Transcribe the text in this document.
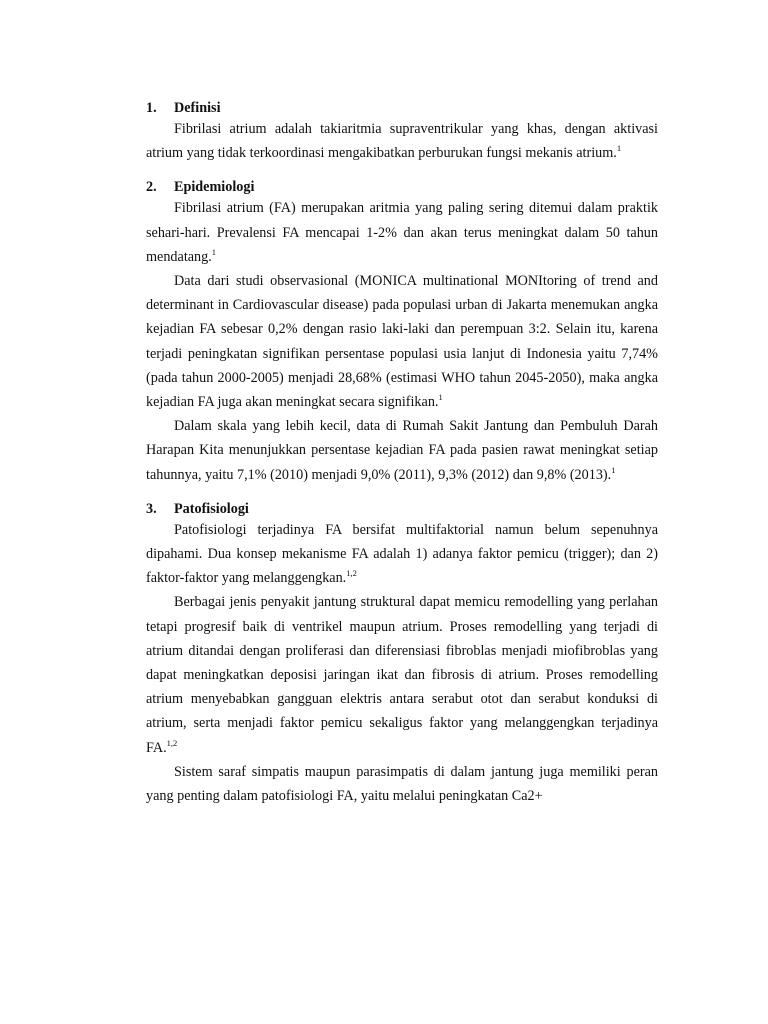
1. Definisi

Fibrilasi atrium adalah takiaritmia supraventrikular yang khas, dengan aktivasi atrium yang tidak terkoordinasi mengakibatkan perburukan fungsi mekanis atrium.$^1$

2. Epidemiologi

Fibrilasi atrium (FA) merupakan aritmia yang paling sering ditemui dalam praktik sehari-hari. Prevalensi FA mencapai 1-2% dan akan terus meningkat dalam 50 tahun mendatang.$^1$

Data dari studi observasional (MONICA multinational MONItoring of trend and determinant in Cardiovascular disease) pada populasi urban di Jakarta menemukan angka kejadian FA sebesar 0,2% dengan rasio laki-laki dan perempuan 3:2. Selain itu, karena terjadi peningkatan signifikan persentase populasi usia lanjut di Indonesia yaitu 7,74% (pada tahun 2000-2005) menjadi 28,68% (estimasi WHO tahun 2045-2050), maka angka kejadian FA juga akan meningkat secara signifikan.$^1$

Dalam skala yang lebih kecil, data di Rumah Sakit Jantung dan Pembuluh Darah Harapan Kita menunjukkan persentase kejadian FA pada pasien rawat meningkat setiap tahunnya, yaitu 7,1% (2010) menjadi 9,0% (2011), 9,3% (2012) dan 9,8% (2013).$^1$

3. Patofisiologi

Patofisiologi terjadinya FA bersifat multifaktorial namun belum sepenuhnya dipahami. Dua konsep mekanisme FA adalah 1) adanya faktor pemicu (trigger); dan 2) faktor-faktor yang melanggengkan.$^{1,2}$

Berbagai jenis penyakit jantung struktural dapat memicu remodelling yang perlahan tetapi progresif baik di ventrikel maupun atrium. Proses remodelling yang terjadi di atrium ditandai dengan proliferasi dan diferensiasi fibroblas menjadi miofibroblas yang dapat meningkatkan deposisi jaringan ikat dan fibrosis di atrium. Proses remodelling atrium menyebabkan gangguan elektris antara serabut otot dan serabut konduksi di atrium, serta menjadi faktor pemicu sekaligus faktor yang melanggengkan terjadinya FA.$^{1,2}$

Sistem saraf simpatis maupun parasimpatis di dalam jantung juga memiliki peran yang penting dalam patofisiologi FA, yaitu melalui peningkatan Ca2+
